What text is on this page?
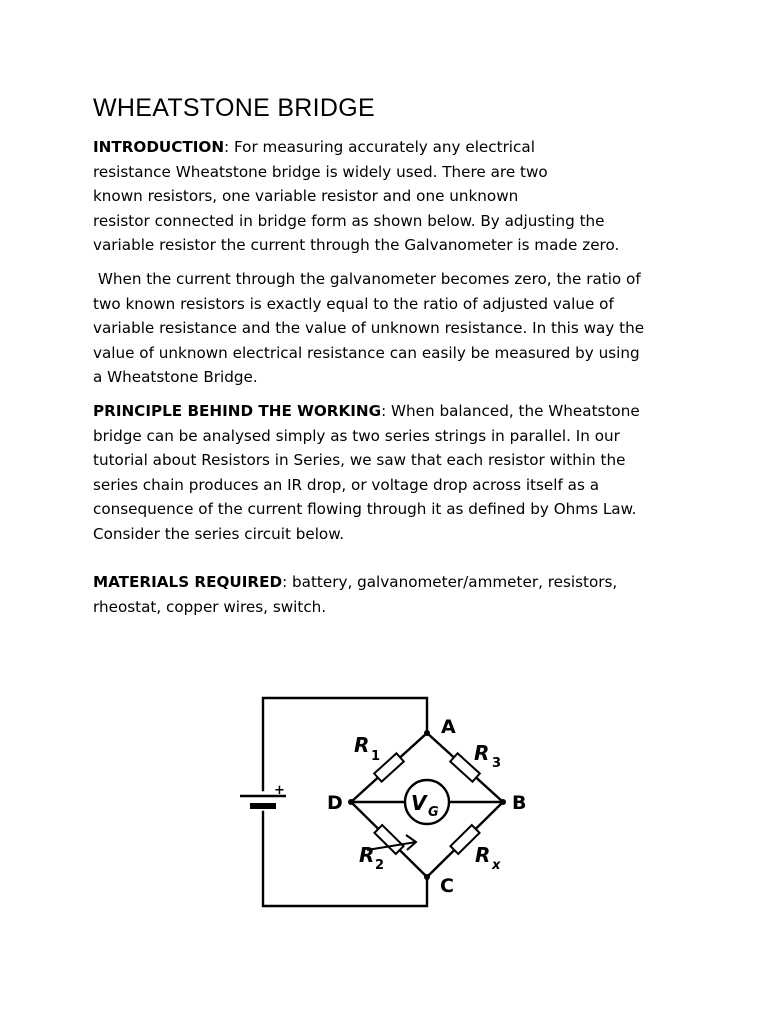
WHEATSTONE BRIDGE

INTRODUCTION: For measuring accurately any electrical
resistance Wheatstone bridge is widely used. There are two
known resistors, one variable resistor and one unknown
resistor connected in bridge form as shown below. By adjusting the
variable resistor the current through the Galvanometer is made zero.

When the current through the galvanometer becomes zero, the ratio of
two known resistors is exactly equal to the ratio of adjusted value of
variable resistance and the value of unknown resistance. In this way the
value of unknown electrical resistance can easily be measured by using
a Wheatstone Bridge.

PRINCIPLE BEHIND THE WORKING: When balanced, the Wheatstone
bridge can be analysed simply as two series strings in parallel. In our
tutorial about Resistors in Series, we saw that each resistor within the
series chain produces an IR drop, or voltage drop across itself as a
consequence of the current flowing through it as defined by Ohms Law.
Consider the series circuit below.

MATERIALS REQUIRED: battery, galvanometer/ammeter, resistors,
rheostat, copper wires, switch.

+
V G
A
B
C
D
R 1	R 3
R 2	R x
